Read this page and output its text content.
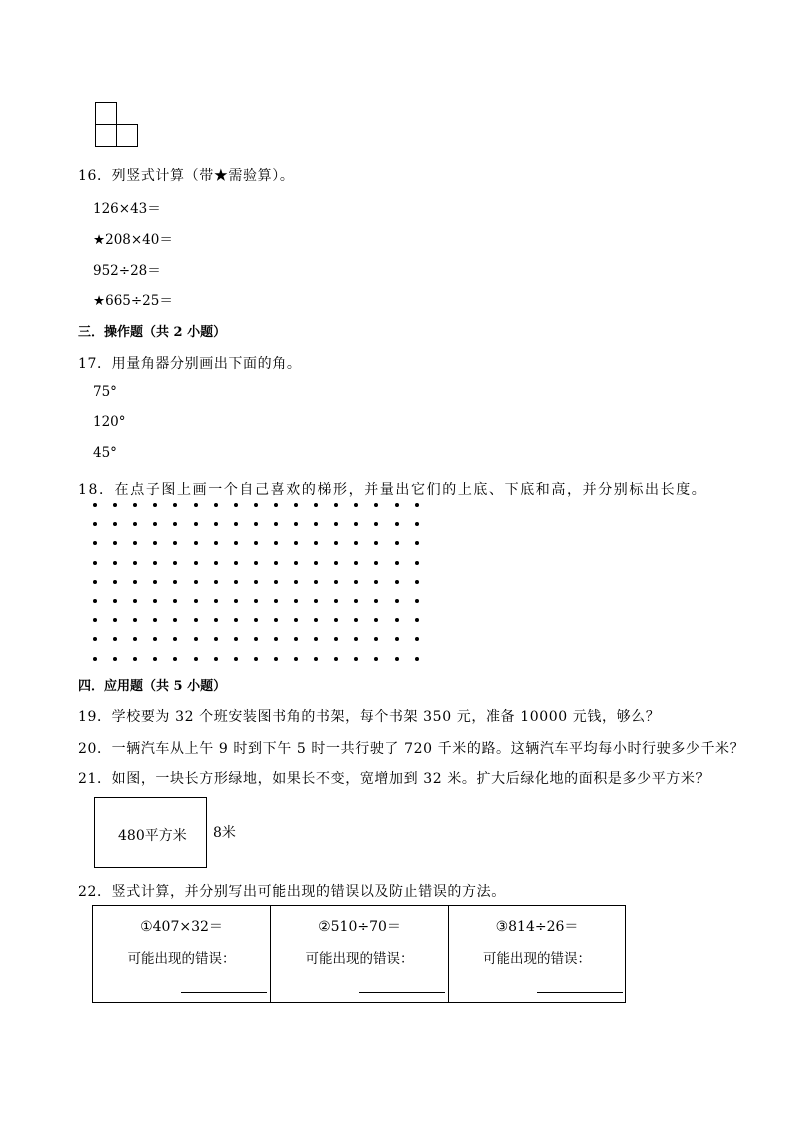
16．列竖式计算（带★需验算）。
126×43＝
★208×40＝
952÷28＝
★665÷25＝
三．操作题（共 2 小题）
17．用量角器分别画出下面的角。
75°
120°
45°
18．在点子图上画一个自己喜欢的梯形，并量出它们的上底、下底和高，并分别标出长度。
四．应用题（共 5 小题）
19．学校要为 32 个班安装图书角的书架，每个书架 350 元，准备 10000 元钱，够么？
20．一辆汽车从上午 9 时到下午 5 时一共行驶了 720 千米的路。这辆汽车平均每小时行驶多少千米？
21．如图，一块长方形绿地，如果长不变，宽增加到 32 米。扩大后绿化地的面积是多少平方米？
480平方米 8米
22．竖式计算，并分别写出可能出现的错误以及防止错误的方法。
①407×32＝
可能出现的错误：
②510÷70＝
可能出现的错误：
③814÷26＝
可能出现的错误：
